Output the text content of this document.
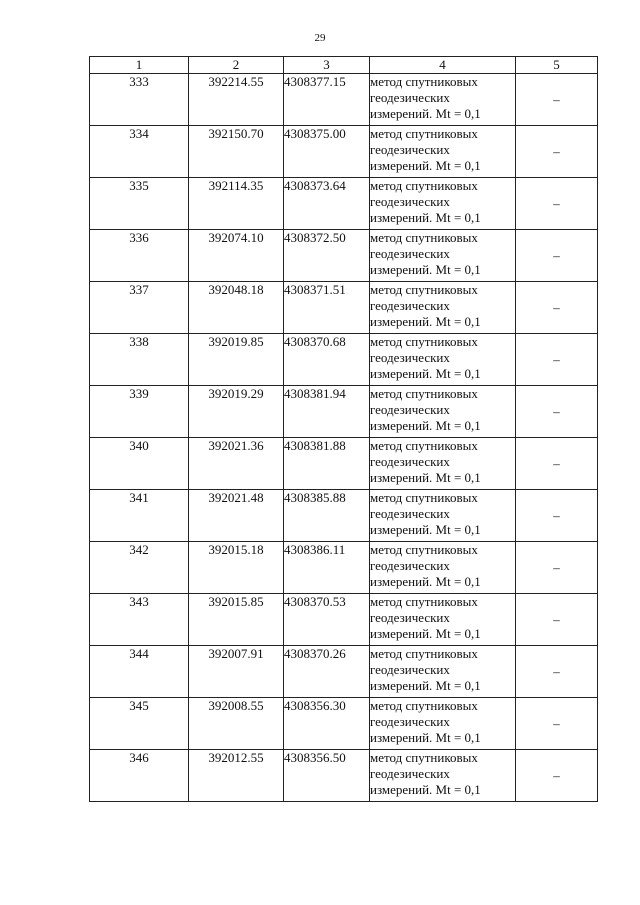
29
1	2	3	4	5
333	392214.55	4308377.15	метод спутниковых
геодезических
измерений. Mt = 0,1	–
334	392150.70	4308375.00	метод спутниковых
геодезических
измерений. Mt = 0,1	–
335	392114.35	4308373.64	метод спутниковых
геодезических
измерений. Mt = 0,1	–
336	392074.10	4308372.50	метод спутниковых
геодезических
измерений. Mt = 0,1	–
337	392048.18	4308371.51	метод спутниковых
геодезических
измерений. Mt = 0,1	–
338	392019.85	4308370.68	метод спутниковых
геодезических
измерений. Mt = 0,1	–
339	392019.29	4308381.94	метод спутниковых
геодезических
измерений. Mt = 0,1	–
340	392021.36	4308381.88	метод спутниковых
геодезических
измерений. Mt = 0,1	–
341	392021.48	4308385.88	метод спутниковых
геодезических
измерений. Mt = 0,1	–
342	392015.18	4308386.11	метод спутниковых
геодезических
измерений. Mt = 0,1	–
343	392015.85	4308370.53	метод спутниковых
геодезических
измерений. Mt = 0,1	–
344	392007.91	4308370.26	метод спутниковых
геодезических
измерений. Mt = 0,1	–
345	392008.55	4308356.30	метод спутниковых
геодезических
измерений. Mt = 0,1	–
346	392012.55	4308356.50	метод спутниковых
геодезических
измерений. Mt = 0,1	–
